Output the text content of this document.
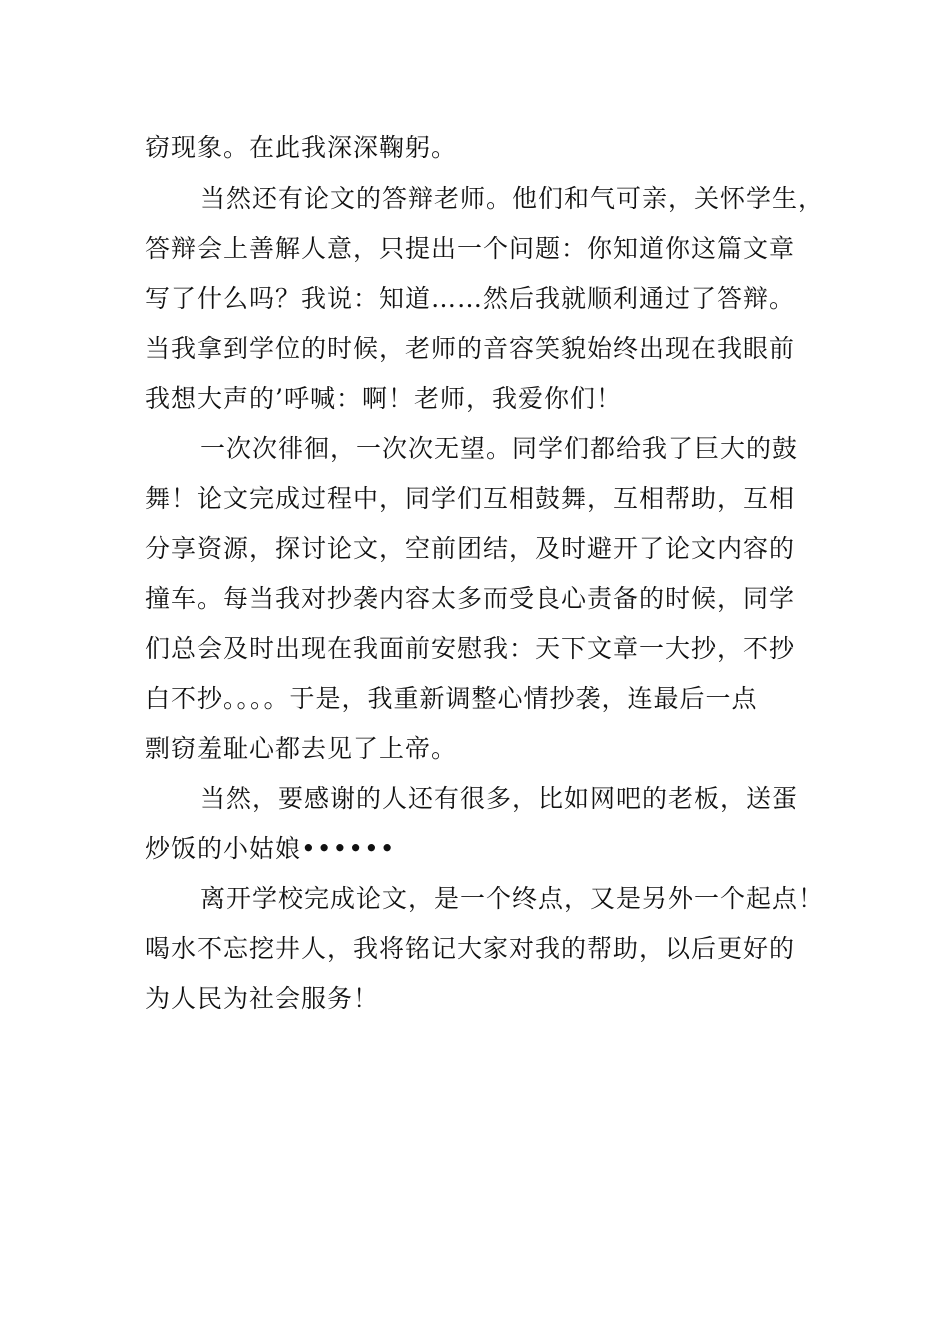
窃现象。在此我深深鞠躬。
当然还有论文的答辩老师。他们和气可亲，关怀学生，
答辩会上善解人意，只提出一个问题：你知道你这篇文章
写了什么吗？我说：知道……然后我就顺利通过了答辩。
当我拿到学位的时候，老师的音容笑貌始终出现在我眼前
我想大声的’呼喊：啊！老师，我爱你们！
一次次徘徊，一次次无望。同学们都给我了巨大的鼓
舞！论文完成过程中，同学们互相鼓舞，互相帮助，互相
分享资源，探讨论文，空前团结，及时避开了论文内容的
撞车。每当我对抄袭内容太多而受良心责备的时候，同学
们总会及时出现在我面前安慰我：天下文章一大抄，不抄
白不抄。。。。于是，我重新调整心情抄袭，连最后一点
剽窃羞耻心都去见了上帝。
当然，要感谢的人还有很多，比如网吧的老板，送蛋
炒饭的小姑娘••••••
离开学校完成论文，是一个终点，又是另外一个起点！
喝水不忘挖井人，我将铭记大家对我的帮助，以后更好的
为人民为社会服务！
